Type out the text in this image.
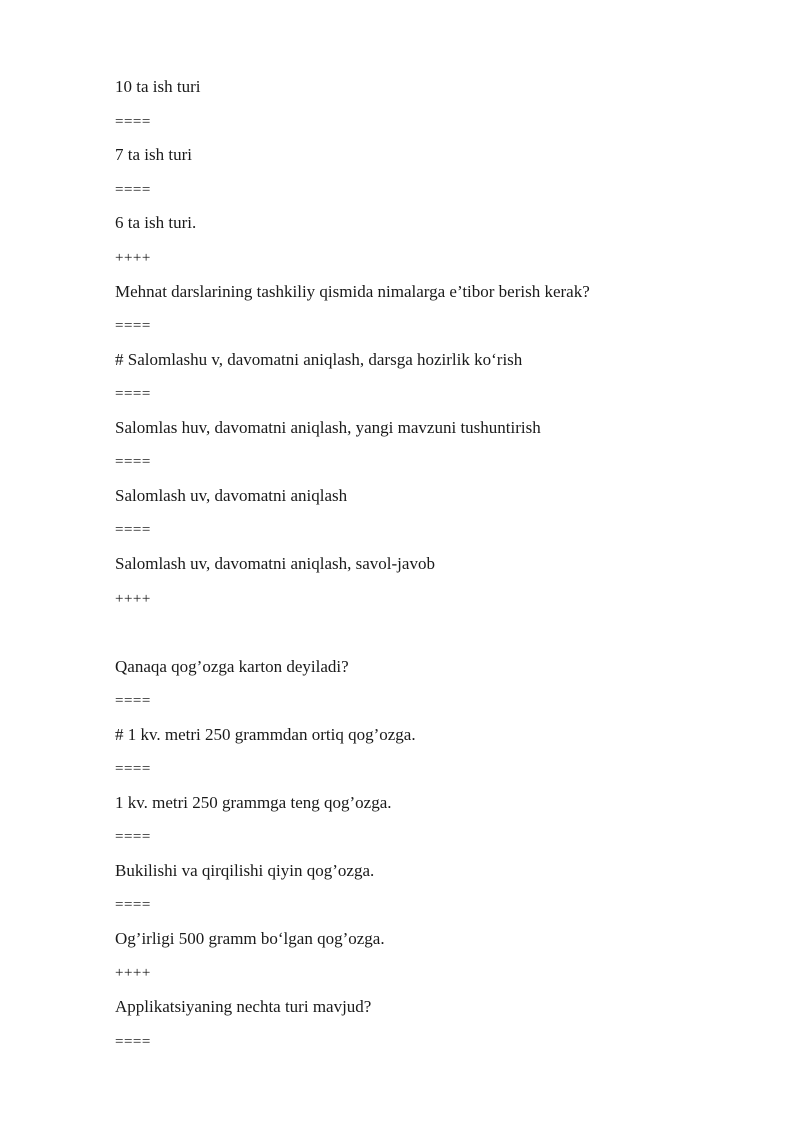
10 ta ish turi
====
7 ta ish turi
====
6 ta ish turi.
++++
Mehnat darslarining tashkiliy qismida nimalarga e’tibor berish kerak?
====
# Salomlashu v, davomatni aniqlash, darsga hozirlik ko‘rish
====
Salomlas huv, davomatni aniqlash, yangi mavzuni tushuntirish
====
Salomlash uv, davomatni aniqlash
====
Salomlash uv, davomatni aniqlash, savol-javob
++++
Qanaqa qog’ozga karton deyiladi?
====
# 1 kv. metri 250 grammdan ortiq qog’ozga.
====
1 kv. metri 250 grammga teng qog’ozga.
====
Bukilishi va qirqilishi qiyin qog’ozga.
====
Og’irligi 500 gramm bo‘lgan qog’ozga.
++++
Applikatsiyaning nechta turi mavjud?
====
